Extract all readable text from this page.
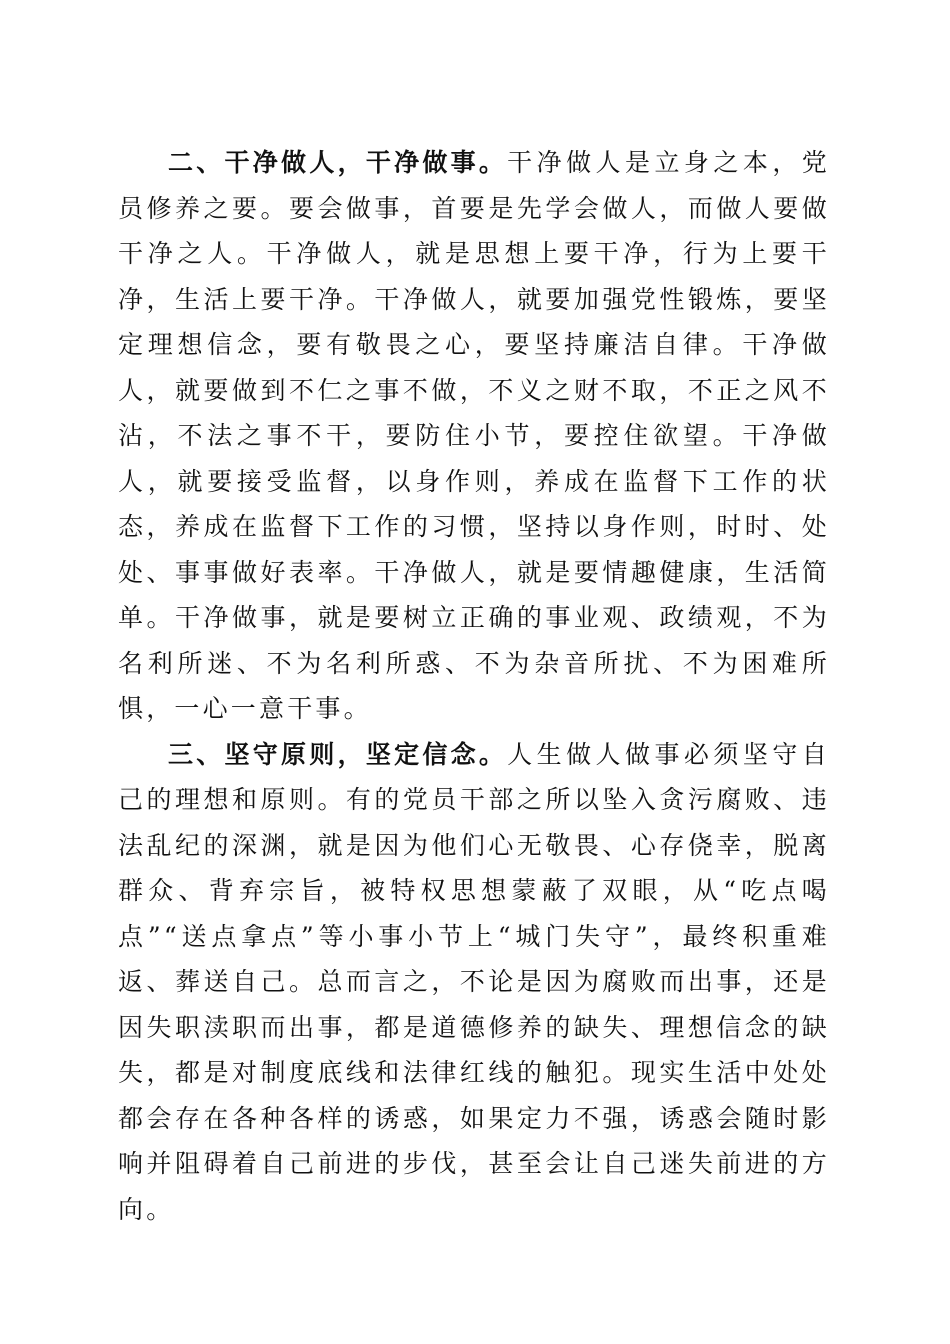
二、干净做人，干净做事。干净做人是立身之本，党员修养之要。要会做事，首要是先学会做人，而做人要做干净之人。干净做人，就是思想上要干净，行为上要干净，生活上要干净。干净做人，就要加强党性锻炼，要坚定理想信念，要有敬畏之心，要坚持廉洁自律。干净做人，就要做到不仁之事不做，不义之财不取，不正之风不沾，不法之事不干，要防住小节，要控住欲望。干净做人，就要接受监督，以身作则，养成在监督下工作的状态，养成在监督下工作的习惯，坚持以身作则，时时、处处、事事做好表率。干净做人，就是要情趣健康，生活简单。干净做事，就是要树立正确的事业观、政绩观，不为名利所迷、不为名利所惑、不为杂音所扰、不为困难所惧，一心一意干事。

三、坚守原则，坚定信念。人生做人做事必须坚守自己的理想和原则。有的党员干部之所以坠入贪污腐败、违法乱纪的深渊，就是因为他们心无敬畏、心存侥幸，脱离群众、背弃宗旨，被特权思想蒙蔽了双眼，从“吃点喝点”“送点拿点”等小事小节上“城门失守”，最终积重难返、葬送自己。总而言之，不论是因为腐败而出事，还是因失职渎职而出事，都是道德修养的缺失、理想信念的缺失，都是对制度底线和法律红线的触犯。现实生活中处处都会存在各种各样的诱惑，如果定力不强，诱惑会随时影响并阻碍着自己前进的步伐，甚至会让自己迷失前进的方向。
